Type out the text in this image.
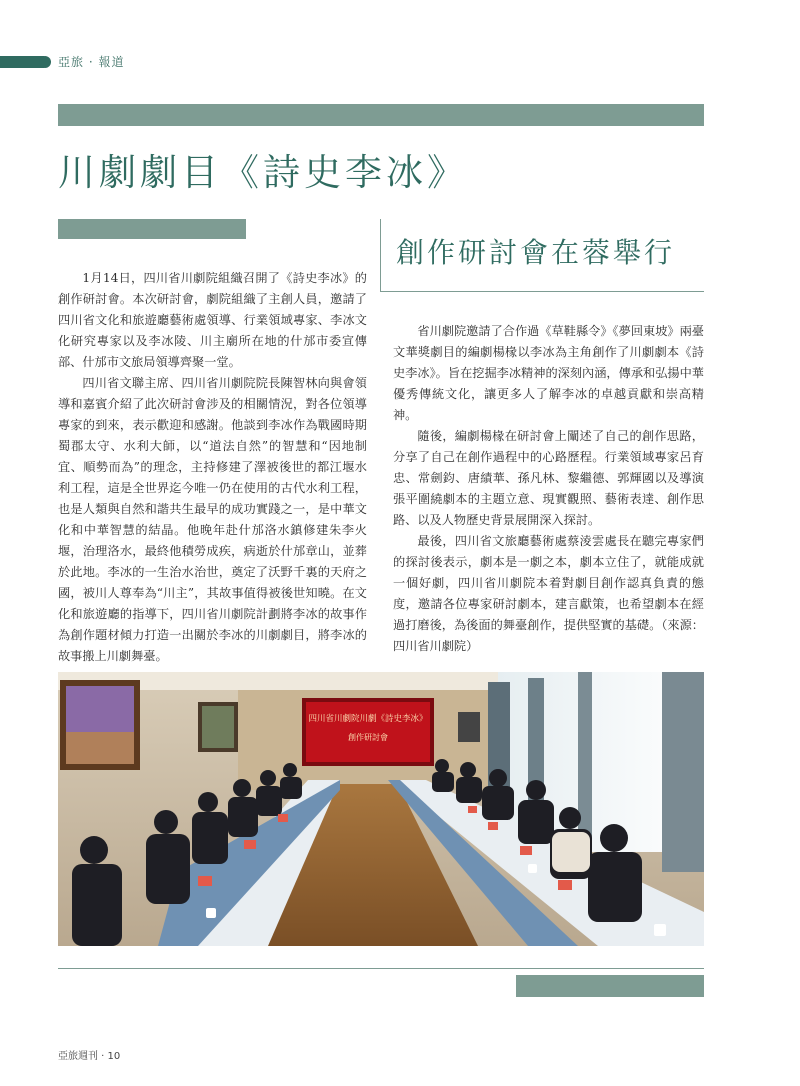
亞旅 · 報道
川劇劇目《詩史李冰》
創作研討會在蓉舉行

1月14日，四川省川劇院組織召開了《詩史李冰》的創作研討會。本次研討會，劇院組織了主創人員，邀請了四川省文化和旅遊廳藝術處領導、行業領域專家、李冰文化研究專家以及李冰陵、川主廟所在地的什邡市委宣傳部、什邡市文旅局領導齊聚一堂。

四川省文聯主席、四川省川劇院院長陳智林向與會領導和嘉賓介紹了此次研討會涉及的相關情況，對各位領導專家的到來，表示歡迎和感謝。他談到李冰作為戰國時期蜀郡太守、水利大師，以“道法自然”的智慧和“因地制宜、順勢而為”的理念，主持修建了澤被後世的都江堰水利工程，這是全世界迄今唯一仍在使用的古代水利工程，也是人類與自然和諧共生最早的成功實踐之一，是中華文化和中華智慧的結晶。他晚年赴什邡洛水鎮修建朱李火堰，治理洛水，最終他積勞成疾，病逝於什邡章山，並葬於此地。李冰的一生治水治世，奠定了沃野千裏的天府之國，被川人尊奉為“川主”，其故事值得被後世知曉。在文化和旅遊廳的指導下，四川省川劇院計劃將李冰的故事作為創作題材傾力打造一出關於李冰的川劇劇目，將李冰的故事搬上川劇舞臺。

省川劇院邀請了合作過《草鞋縣令》《夢回東坡》兩臺文華獎劇目的編劇楊椽以李冰為主角創作了川劇劇本《詩史李冰》。旨在挖掘李冰精神的深刻內涵，傳承和弘揚中華優秀傳統文化，讓更多人了解李冰的卓越貢獻和崇高精神。

隨後，編劇楊椽在研討會上闡述了自己的創作思路，分享了自己在創作過程中的心路歷程。行業領域專家呂育忠、常劍鈞、唐績華、孫凡林、黎繼德、郭輝國以及導演張平圍繞劇本的主題立意、現實觀照、藝術表達、創作思路、以及人物歷史背景展開深入探討。

最後，四川省文旅廳藝術處蔡淩雲處長在聽完專家們的探討後表示，劇本是一劇之本，劇本立住了，就能成就一個好劇，四川省川劇院本着對劇目創作認真負責的態度，邀請各位專家研討劇本，建言獻策，也希望劇本在經過打磨後，為後面的舞臺創作，提供堅實的基礎。（來源：四川省川劇院）

四川省川劇院川劇《詩史李冰》
創作研討會
亞旅週刊 · 10
